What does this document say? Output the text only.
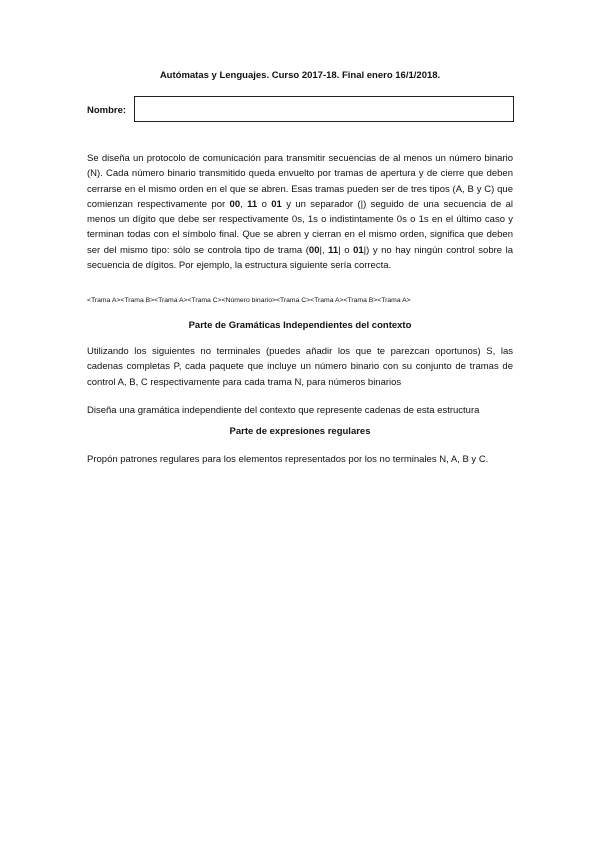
Autómatas y Lenguajes. Curso 2017-18. Final enero 16/1/2018.
Nombre:
Se diseña un protocolo de comunicación para transmitir secuencias de al menos un número binario (N). Cada número binario transmitido queda envuelto por tramas de apertura y de cierre que deben cerrarse en el mismo orden en el que se abren. Esas tramas pueden ser de tres tipos (A, B y C) que comienzan respectivamente por 00, 11 o 01 y un separador (|) seguido de una secuencia de al menos un dígito que debe ser respectivamente 0s, 1s o indistintamente 0s o 1s en el último caso y terminan todas con el símbolo final. Que se abren y cierran en el mismo orden, significa que deben ser del mismo tipo: sólo se controla tipo de trama (00|, 11| o 01|) y no hay ningún control sobre la secuencia de dígitos. Por ejemplo, la estructura siguiente sería correcta.
<Trama A><Trama B><Trama A><Trama C><Número binario><Trama C><Trama A><Trama B><Trama A>
Parte de Gramáticas Independientes del contexto
Utilizando los siguientes no terminales (puedes añadir los que te parezcan oportunos) S, las cadenas completas P, cada paquete que incluye un número binario con su conjunto de tramas de control A, B, C respectivamente para cada trama N, para números binarios
Diseña una gramática independiente del contexto que represente cadenas de esta estructura
Parte de expresiones regulares
Propón patrones regulares para los elementos representados por los no terminales N, A, B y C.
